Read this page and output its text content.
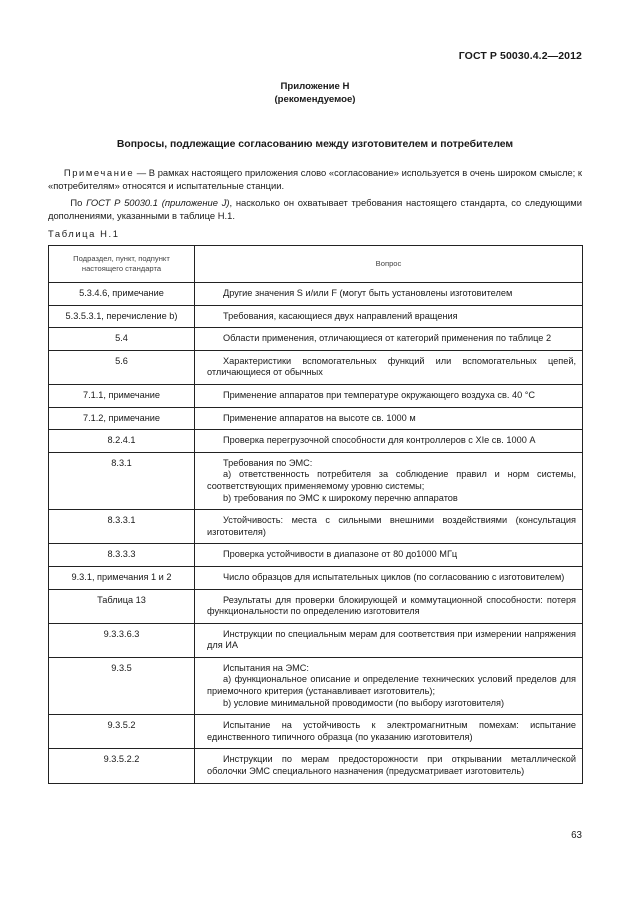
ГОСТ Р 50030.4.2—2012
Приложение Н
(рекомендуемое)
Вопросы, подлежащие согласованию между изготовителем и потребителем
Примечание — В рамках настоящего приложения слово «согласование» используется в очень широком смысле; к «потребителям» относятся и испытательные станции.
По ГОСТ Р 50030.1 (приложение J), насколько он охватывает требования настоящего стандарта, со следующими дополнениями, указанными в таблице Н.1.
Таблица Н.1
Подраздел, пункт, подпункт настоящего стандарта	Вопрос
5.3.4.6, примечание	Другие значения S и/или F (могут быть установлены изготовителем

5.3.5.3.1, перечисление b)	Требования, касающиеся двух направлений вращения

5.4	Области применения, отличающиеся от категорий применения по таблице 2

5.6	Характеристики вспомогательных функций или вспомогательных цепей, отличающиеся от обычных

7.1.1, примечание	Применение аппаратов при температуре окружающего воздуха св. 40 °С

7.1.2, примечание	Применение аппаратов на высоте св. 1000 м

8.2.4.1	Проверка перегрузочной способности для контроллеров с XIe св. 1000 А

8.3.1	Требования по ЭМС:
а) ответственность потребителя за соблюдение правил и норм системы, соответствующих применяемому уровню системы;
b) требования по ЭМС к широкому перечню аппаратов

8.3.3.1	Устойчивость: места с сильными внешними воздействиями (консультация изготовителя)

8.3.3.3	Проверка устойчивости в диапазоне от 80 до1000 МГц

9.3.1, примечания 1 и 2	Число образцов для испытательных циклов (по согласованию с изготовителем)

Таблица 13	Результаты для проверки блокирующей и коммутационной способности: потеря функциональности по определению изготовителя

9.3.3.6.3	Инструкции по специальным мерам для соответствия при измерении напряжения для ИА

9.3.5	Испытания на ЭМС:
а) функциональное описание и определение технических условий пределов для приемочного критерия (устанавливает изготовитель);
b) условие минимальной проводимости (по выбору изготовителя)

9.3.5.2	Испытание на устойчивость к электромагнитным помехам: испытание единственного типичного образца (по указанию изготовителя)

9.3.5.2.2	Инструкции по мерам предосторожности при открывании металлической оболочки ЭМС специального назначения (предусматривает изготовитель)
63
